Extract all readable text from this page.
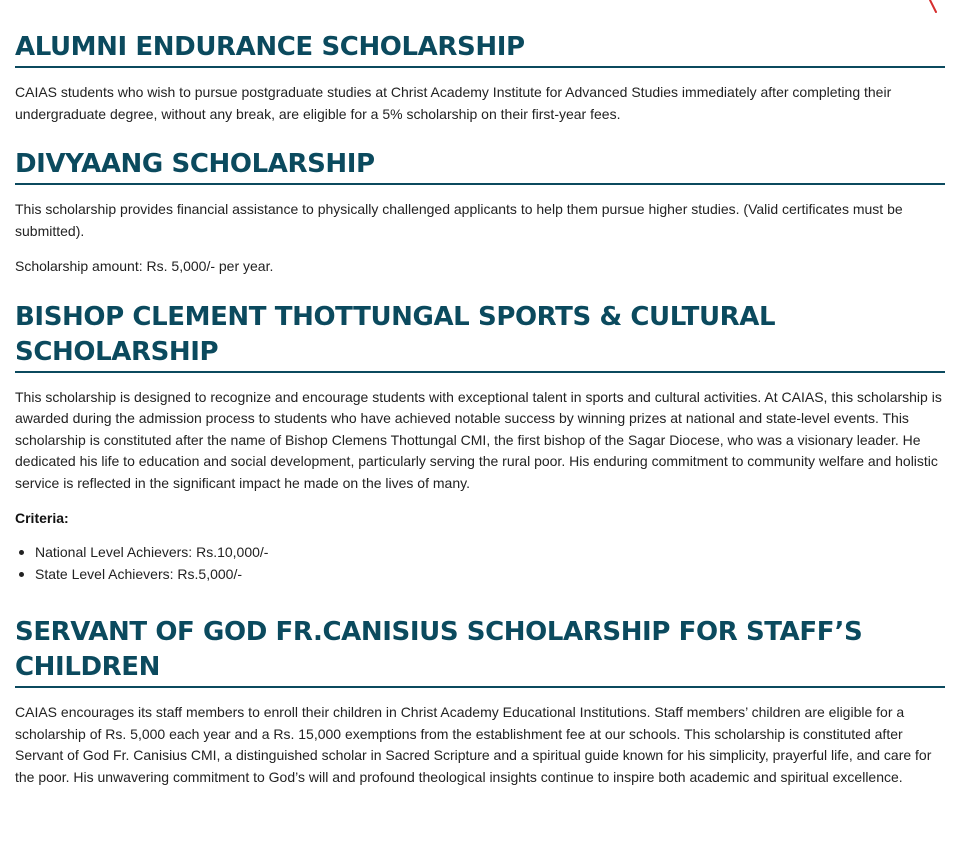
ALUMNI ENDURANCE SCHOLARSHIP

CAIAS students who wish to pursue postgraduate studies at Christ Academy Institute for Advanced Studies immediately after completing their undergraduate degree, without any break, are eligible for a 5% scholarship on their first-year fees.

DIVYAANG SCHOLARSHIP

This scholarship provides financial assistance to physically challenged applicants to help them pursue higher studies. (Valid certificates must be submitted).

Scholarship amount: Rs. 5,000/- per year.

BISHOP CLEMENT THOTTUNGAL SPORTS & CULTURAL SCHOLARSHIP

This scholarship is designed to recognize and encourage students with exceptional talent in sports and cultural activities. At CAIAS, this scholarship is awarded during the admission process to students who have achieved notable success by winning prizes at national and state-level events. This scholarship is constituted after the name of Bishop Clemens Thottungal CMI, the first bishop of the Sagar Diocese, who was a visionary leader. He dedicated his life to education and social development, particularly serving the rural poor. His enduring commitment to community welfare and holistic service is reflected in the significant impact he made on the lives of many.

Criteria:

National Level Achievers: Rs.10,000/-
State Level Achievers: Rs.5,000/-
SERVANT OF GOD FR.CANISIUS SCHOLARSHIP FOR STAFF’S CHILDREN

CAIAS encourages its staff members to enroll their children in Christ Academy Educational Institutions. Staff members’ children are eligible for a scholarship of Rs. 5,000 each year and a Rs. 15,000 exemptions from the establishment fee at our schools. This scholarship is constituted after Servant of God Fr. Canisius CMI, a distinguished scholar in Sacred Scripture and a spiritual guide known for his simplicity, prayerful life, and care for the poor. His unwavering commitment to God’s will and profound theological insights continue to inspire both academic and spiritual excellence.
